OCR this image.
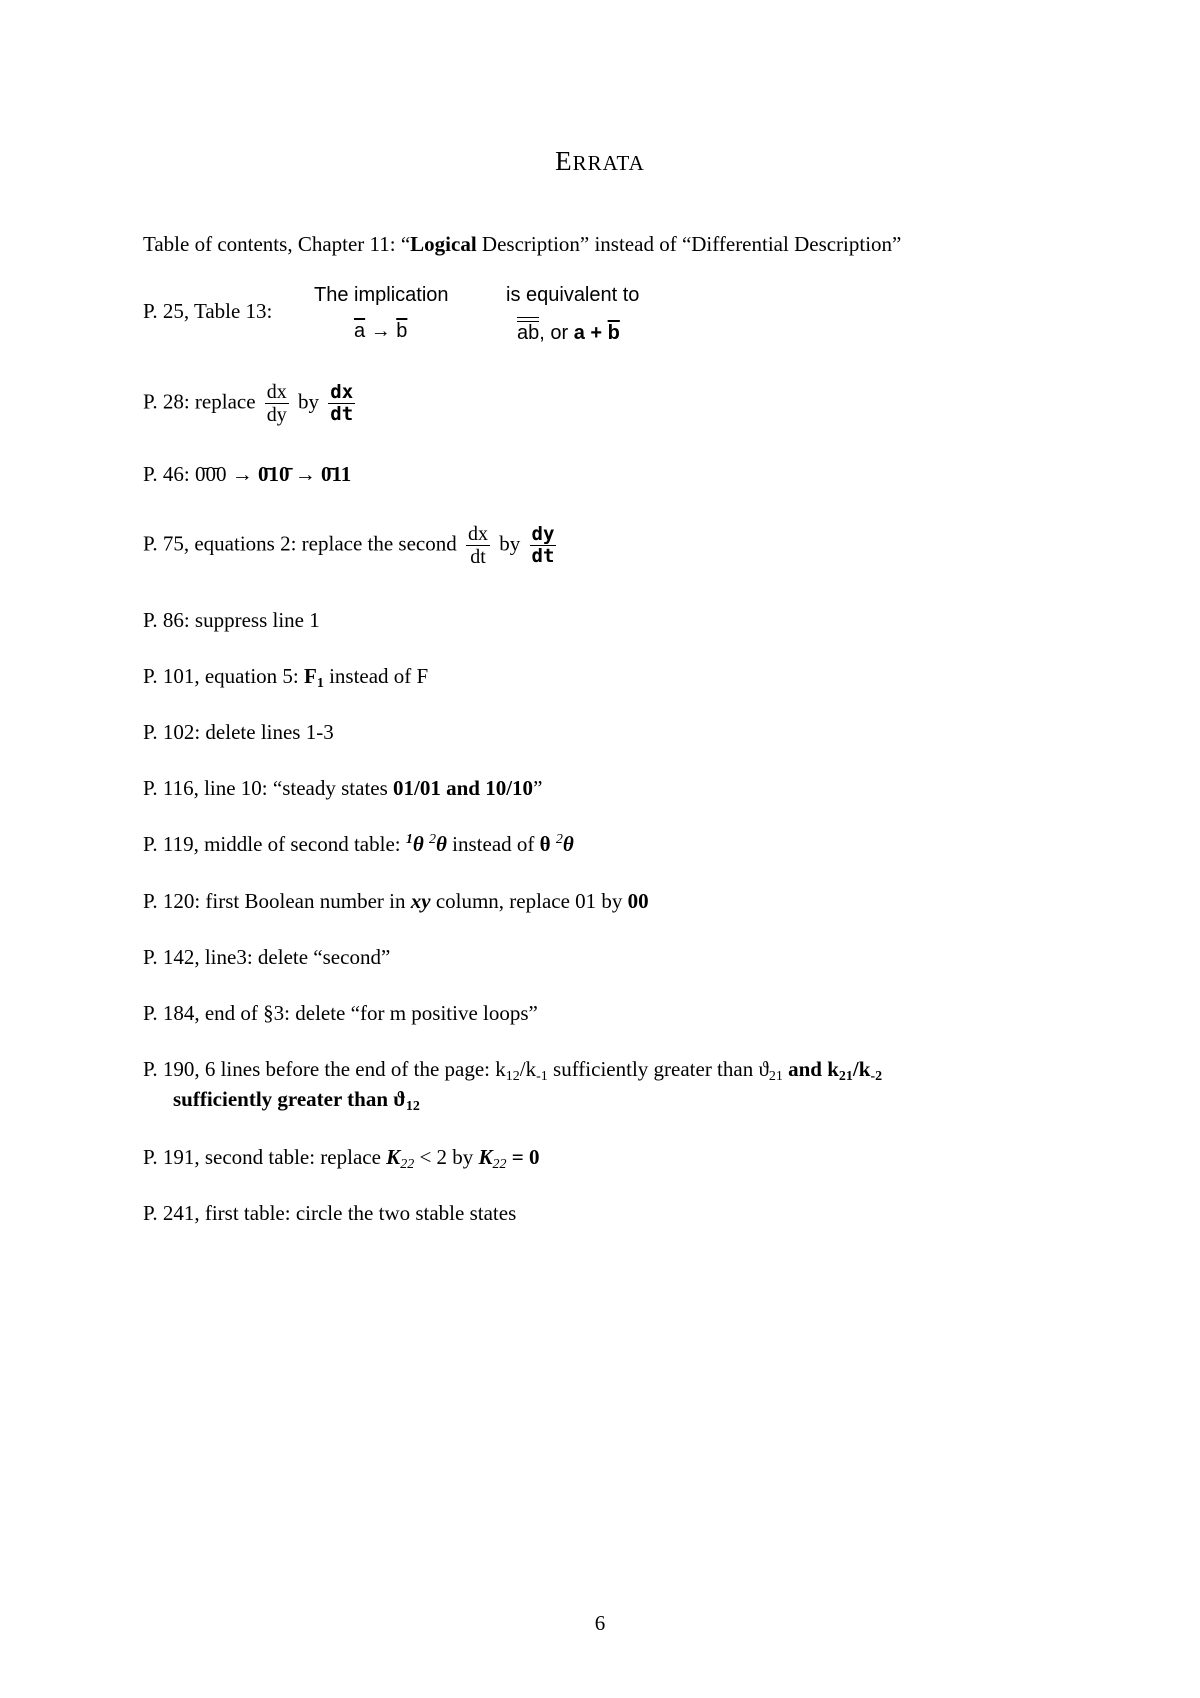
ERRATA
Table of contents, Chapter 11: “Logical Description” instead of “Differential Description”
P. 25, Table 13:
The implication	is equivalent to
$\overline{a} \to \overline{b}$	ab, or $a + \overline{b}$
P. 28: replace $\frac{dx}{dy}$ by $\frac{dx}{dt}$
P. 46: 0̄0̄0 → 0̄10̄ → 0̄11
P. 75, equations 2: replace the second $\frac{dx}{dt}$ by $\frac{dy}{dt}$
P. 86: suppress line 1
P. 101, equation 5: $F_1$ instead of F
P. 102: delete lines 1-3
P. 116, line 10: “steady states 01/01 and 10/10”
P. 119, middle of second table: $^1$θ $^2$θ instead of θ $^2$θ
P. 120: first Boolean number in xy column, replace 01 by 00
P. 142, line3: delete “second”
P. 184, end of §3: delete “for m positive loops”
P. 190, 6 lines before the end of the page: $k_{12}/k_{-1}$ sufficiently greater than $ϑ_{21}$ and $k_{21}/k_{-2}$
sufficiently greater than $ϑ_{12}$
P. 191, second table: replace $K_{22} < 2$ by $K_{22} = 0$
P. 241, first table: circle the two stable states
6
